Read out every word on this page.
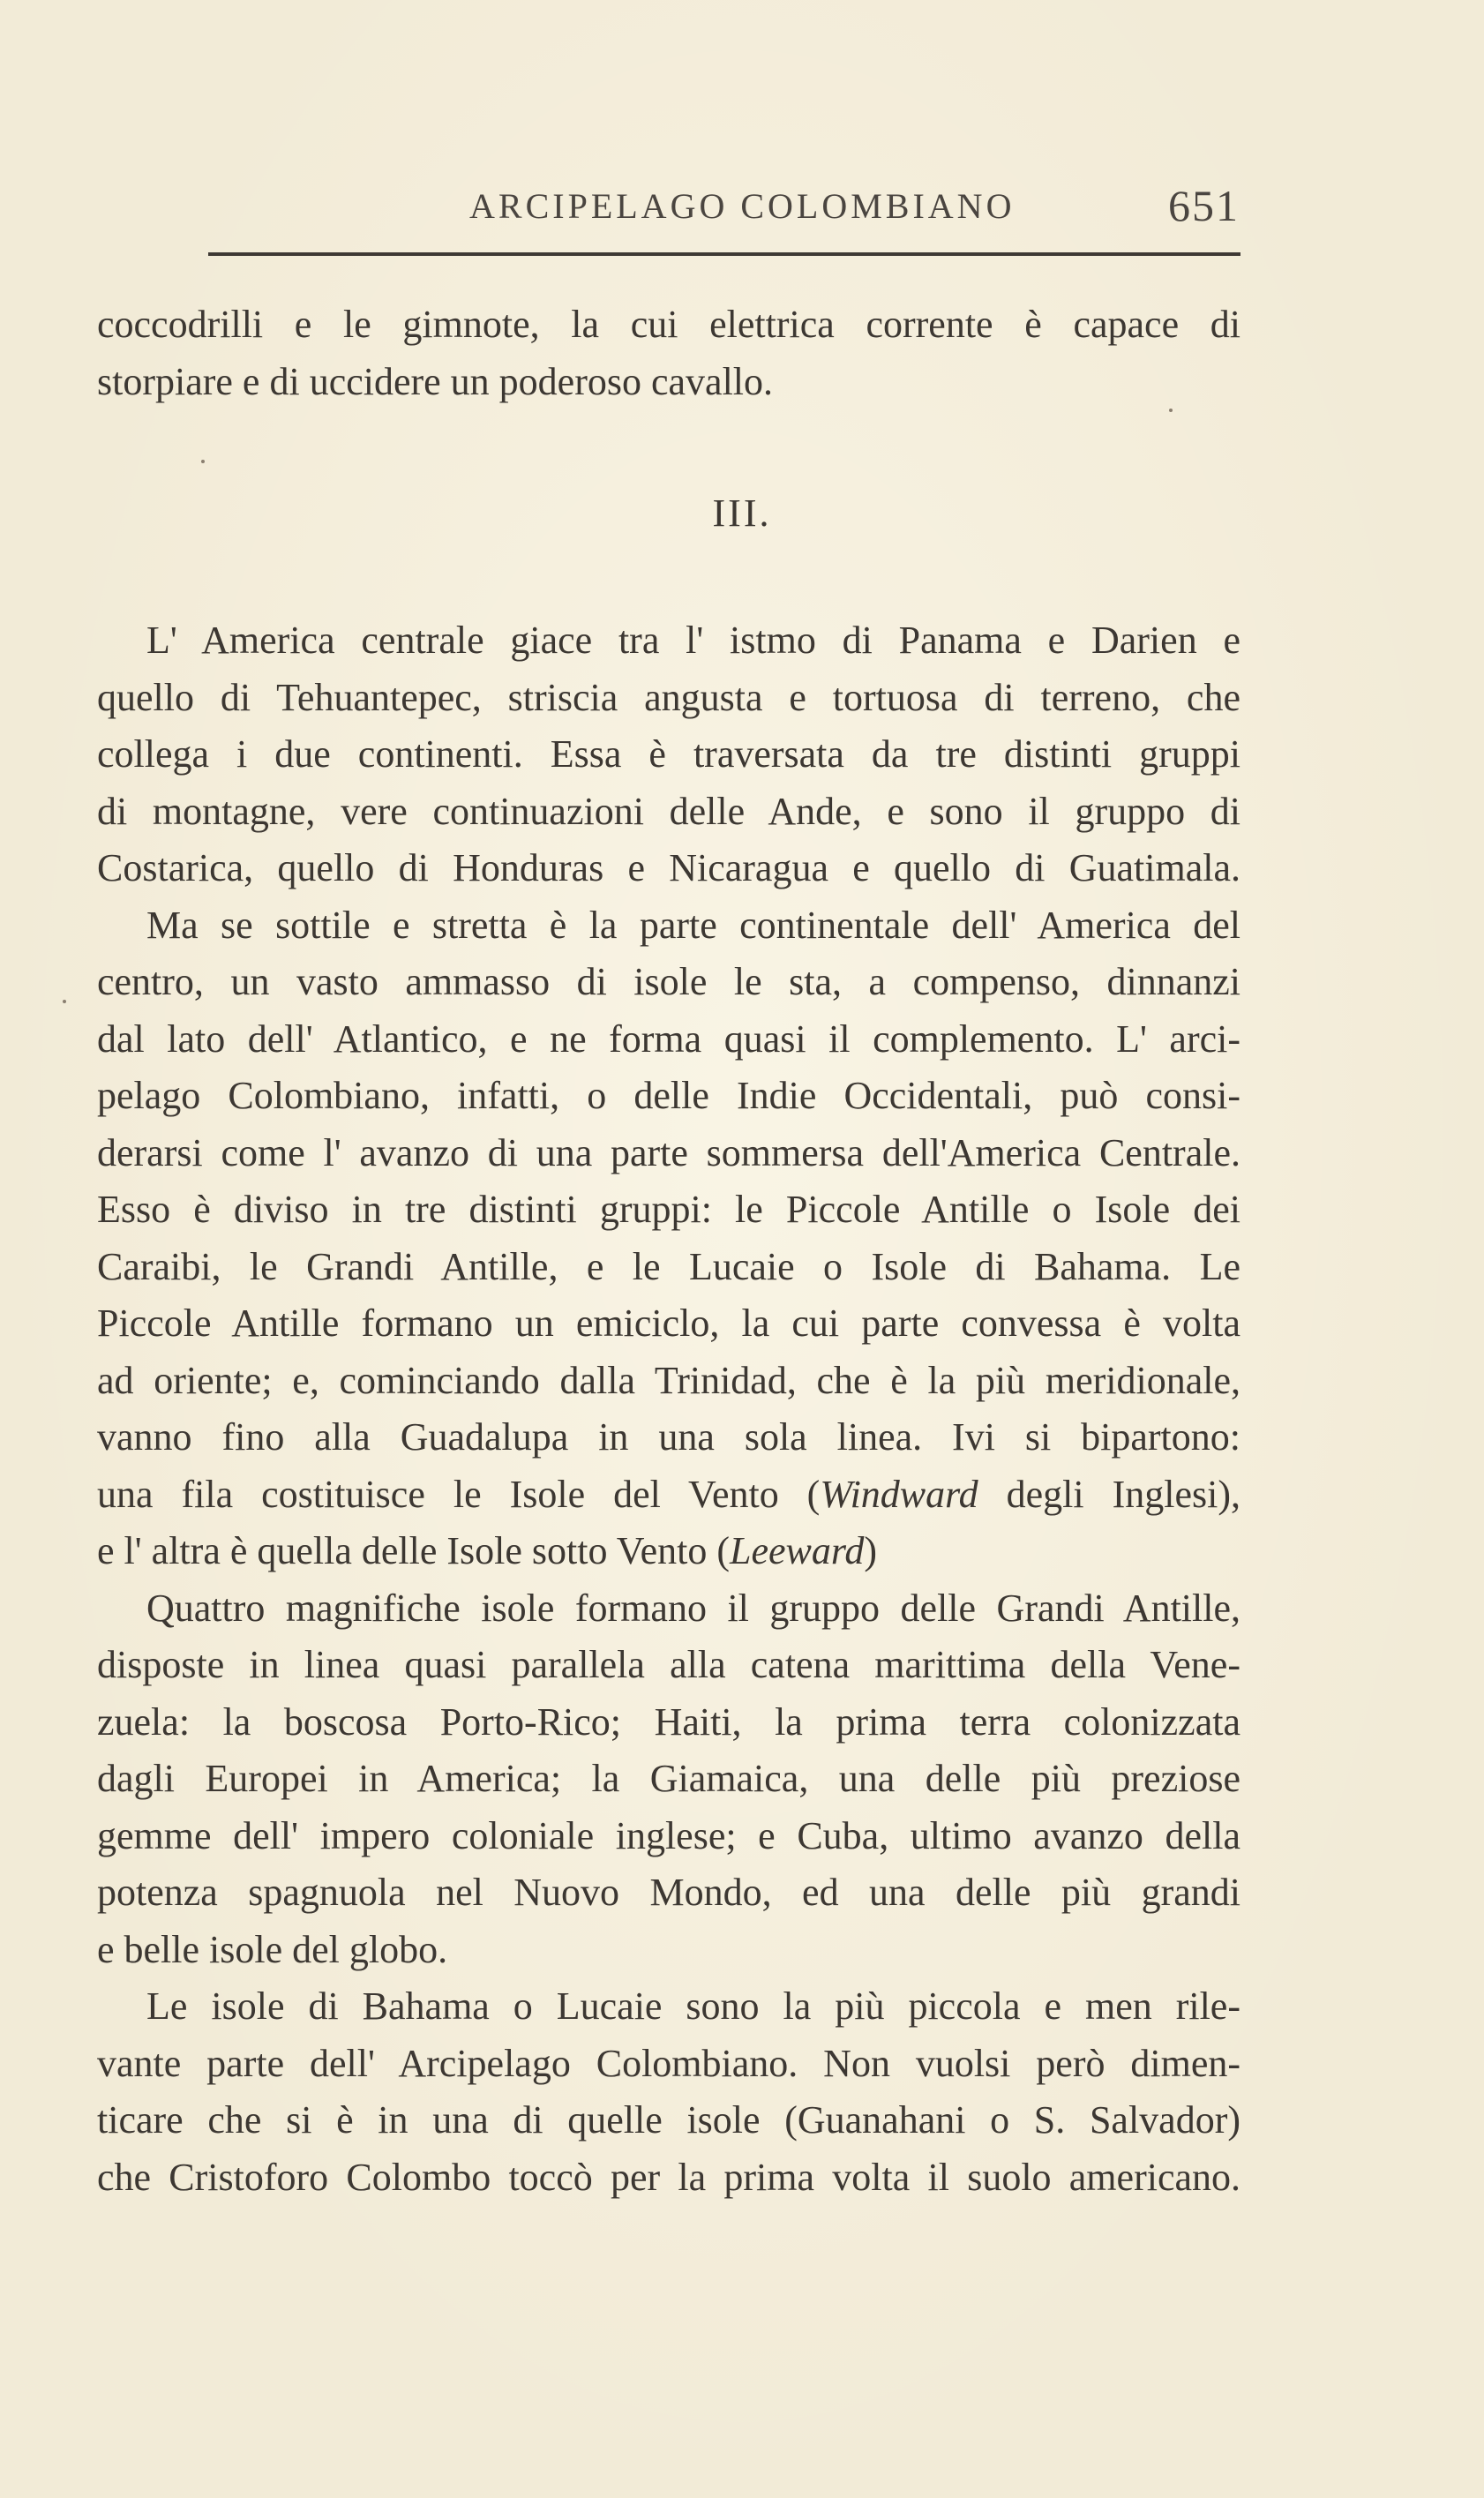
ARCIPELAGO COLOMBIANO	651
coccodrilli e le gimnote, la cui elettrica corrente è capace di
storpiare e di uccidere un poderoso cavallo.
III.
L' America centrale giace tra l' istmo di Panama e Darien e
quello di Tehuantepec, striscia angusta e tortuosa di terreno, che
collega i due continenti. Essa è traversata da tre distinti gruppi
di montagne, vere continuazioni delle Ande, e sono il gruppo di
Costarica, quello di Honduras e Nicaragua e quello di Guatimala.
Ma se sottile e stretta è la parte continentale dell' America del
centro, un vasto ammasso di isole le sta, a compenso, dinnanzi
dal lato dell' Atlantico, e ne forma quasi il complemento. L' arci-
pelago Colombiano, infatti, o delle Indie Occidentali, può consi-
derarsi come l' avanzo di una parte sommersa dell'America Centrale.
Esso è diviso in tre distinti gruppi: le Piccole Antille o Isole dei
Caraibi, le Grandi Antille, e le Lucaie o Isole di Bahama. Le
Piccole Antille formano un emiciclo, la cui parte convessa è volta
ad oriente; e, cominciando dalla Trinidad, che è la più meridionale,
vanno fino alla Guadalupa in una sola linea. Ivi si bipartono:
una fila costituisce le Isole del Vento (Windward degli Inglesi),
e l' altra è quella delle Isole sotto Vento (Leeward)
Quattro magnifiche isole formano il gruppo delle Grandi Antille,
disposte in linea quasi parallela alla catena marittima della Vene-
zuela: la boscosa Porto-Rico; Haiti, la prima terra colonizzata
dagli Europei in America; la Giamaica, una delle più preziose
gemme dell' impero coloniale inglese; e Cuba, ultimo avanzo della
potenza spagnuola nel Nuovo Mondo, ed una delle più grandi
e belle isole del globo.
Le isole di Bahama o Lucaie sono la più piccola e men rile-
vante parte dell' Arcipelago Colombiano. Non vuolsi però dimen-
ticare che si è in una di quelle isole (Guanahani o S. Salvador)
che Cristoforo Colombo toccò per la prima volta il suolo americano.
